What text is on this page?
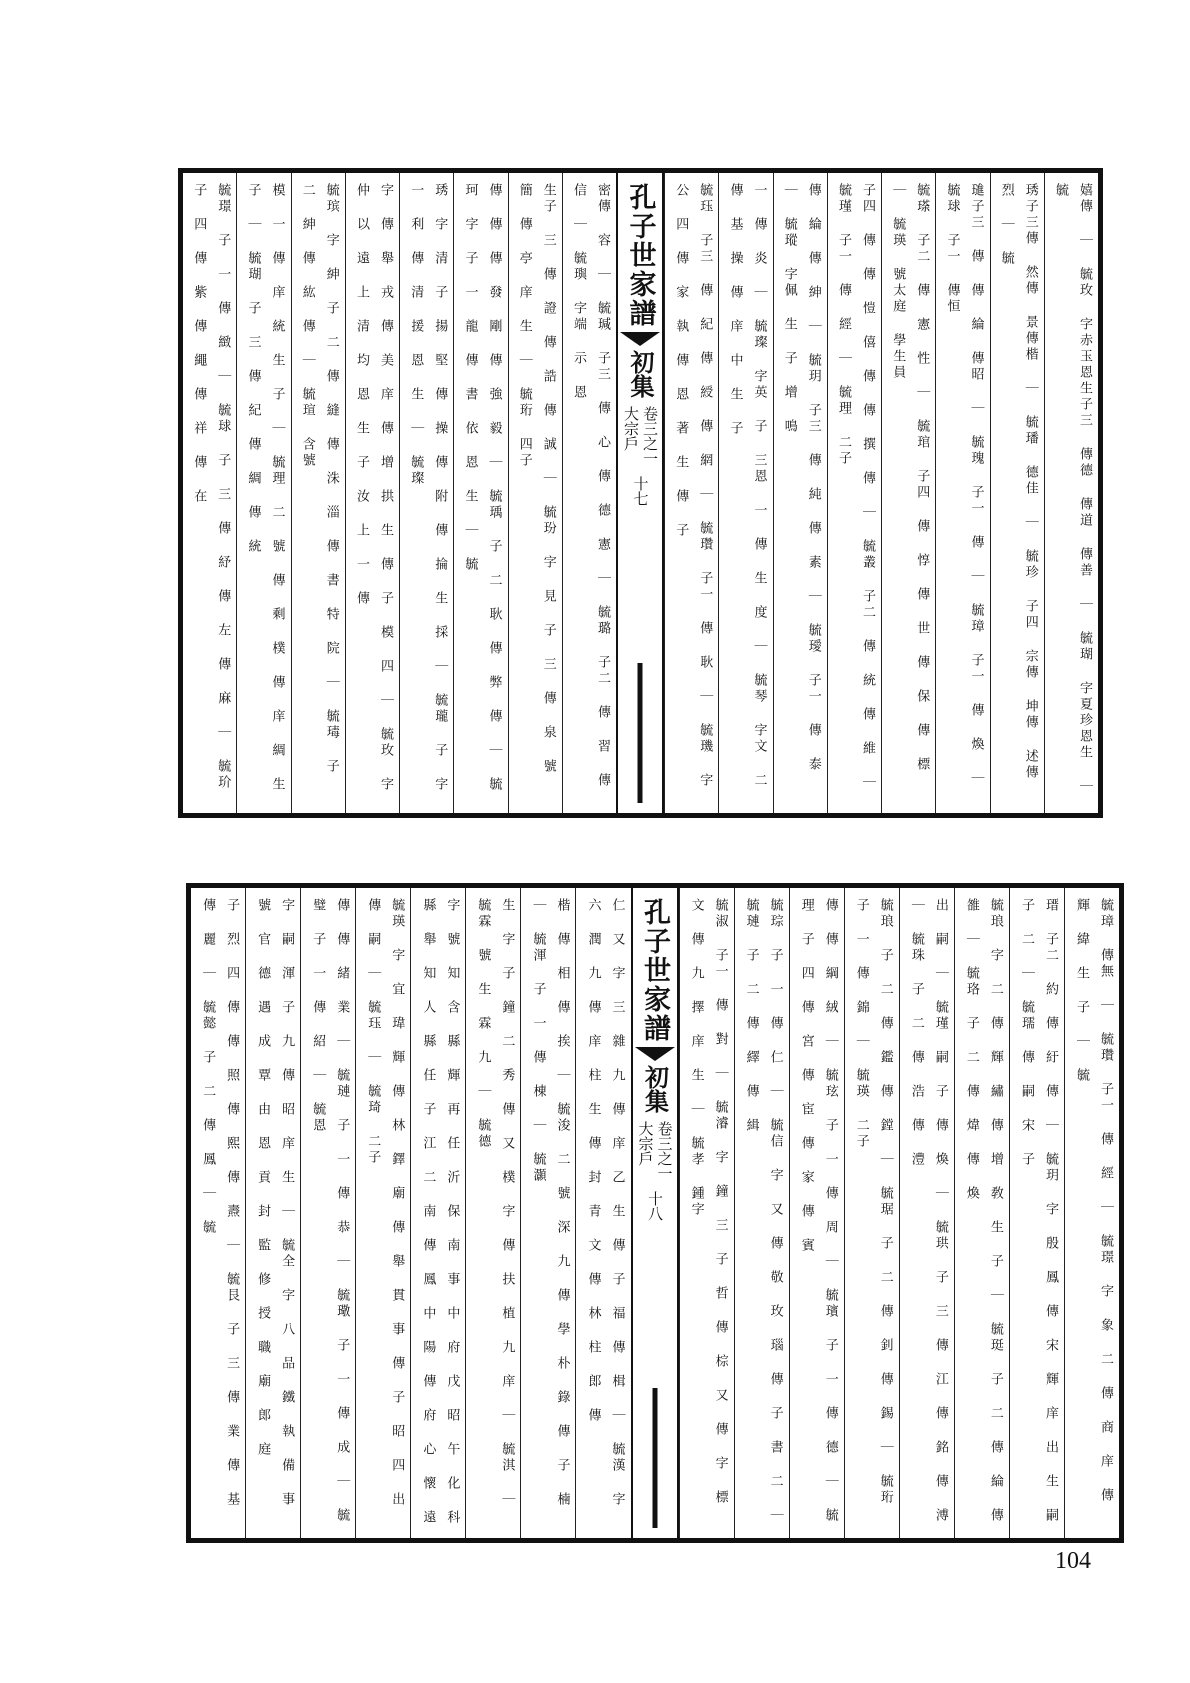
嬉傳 ｜ 毓玫 字赤玉恩生子三 傳德 傳道 傳善 ｜ 毓瑚 字夏珍恩生 ｜ 毓
琇子三傳 然傳 景傳楷 ｜ 毓璠 德佳 ｜ 毓珍 子四 宗傳 坤傳 述傳 烈 ｜ 毓
璡子三 傳 傳 綸 傳昭 ｜ 毓瑰 子一 傳 ｜ 毓璋 子一 傳 煥 ｜ 毓球 子一 傳恒
毓瑹 子二 傳 憲 性 ｜ 毓琯 子四 傳 惇 傳 世 傳 保 傳 標 ｜ 毓瑛 號太庭 學生員
子四 傳 傳 愷 僖 傳 傳 撰 傳 ｜ 毓叢 子二 傳 統 傳 維 ｜ 毓瑾 子一 傳 經 ｜ 毓理 二子
傳 綸 傳 紳 ｜ 毓玥 子三 傳 純 傳 素 ｜ 毓璦 子一 傳 泰 ｜ 毓瑽 字佩 生 子 增 鳴
一 傳 炎 ｜ 毓璨 字英 子 三恩 一 傳 生 度 ｜ 毓琴 字文 二 傳 基 操 傳 庠 中 生 子
毓珏 子三 傳 紀 傳 綬 傳 網 ｜ 毓瓚 子一 傳 耿 ｜ 毓璣 字公 四 傳 家 執 傳 恩 著 生 傳 子
孔子世家譜
初集
卷三之一
大宗戶
十七
密傳 容 ｜ 毓瑊 子三 傳 心 傳 德 憲 ｜ 毓璐 子二 傳 習 傳 信 ｜ 毓璵 字端 示 恩
生子 三 傳 證 傳 誥 傳 誠 ｜ 毓玢 字 見 子 三 傳 泉 號 簡 傳 亭 庠 生 ｜ 毓珩 四子
傳 傳 傳 發 剛 傳 強 毅 ｜ 毓瑀 子 二 耿 傳 弊 傳 ｜ 毓珂 字 子 一 龍 傳 書 依 恩 生 ｜ 毓
琇 字 清 子 揚 堅 傳 操 傳 附 傳 掄 生 採 ｜ 毓瓏 子 字 一 利 傳 清 援 恩 生 ｜ 毓璨
字 傳 舉 戎 傳 美 庠 傳 增 拱 生 傳 子 模 四 ｜ 毓玫 字 仲 以 遠 上 清 均 恩 生 子 汝 上 一 傳
毓瑸 字 紳 子 二 傳 縫 傳 洙 淄 傳 書 特 院 ｜ 毓瑇 子 二 紳 傳 紘 傳 ｜ 毓瑄 含號
模 一 傳 庠 統 生 子 ｜ 毓理 二 號 傳 剩 樸 傳 庠 綢 生 子 ｜ 毓瑚 子 三 傳 紀 傳 綢 傳 統
毓璟 子 一 傳 緻 ｜ 毓球 子 三 傳 紓 傳 左 傳 麻 ｜ 毓玠 子 四 傳 紫 傳 繩 傳 祥 傳 在
毓璋 傳無 ｜ 毓瓚 子一 傳 經 ｜ 毓璟 字 象 二 傳 商 庠 傳 輝 緯 生 子 ｜ 毓
瑨 子二 約 傳 紆 傳 ｜ 毓玥 字 殷 鳳 傳 宋 輝 庠 出 生 嗣 子 二 ｜ 毓瓀 傳 嗣 宋 子
毓琅 字 二 傳 輝 繡 傳 增 敎 生 子 ｜ 毓珽 子 二 傳 綸 傳 雒 ｜ 毓珞 子 二 傳 煒 傳 煥
出 嗣 ｜ 毓瑾 嗣 子 傳 煥 ｜ 毓珙 子 三 傳 江 傳 銘 傳 溥 ｜ 毓珠 子 二 傳 浩 傳 澧
毓琅 子 二 傳 鑑 傳 鏜 ｜ 毓琚 子 二 傳 釗 傳 錫 ｜ 毓珩 子 一 傳 錦 ｜ 毓瑛 二子
傳 傳 綱 絨 ｜ 毓玹 子 一 傳 周 ｜ 毓璸 子 一 傳 德 ｜ 毓理 子 四 傳 宮 傳 宦 傳 家 傳 賓
毓琮 子 一 傳 仁 ｜ 毓信 字 又 傳 敬 玫 瑙 傳 子 書 二 ｜ 毓璉 子 二 傳 繹 傳 緝
毓淑 子一 傳 對 ｜ 毓濬 字 鐘 三 子 哲 傳 棕 又 傳 字 標 文 傳 九 擇 庠 生 ｜ 毓孝 鍾字
孔子世家譜
初集
卷三之一
大宗戶
十八
仁 又 字 三 雜 九 傳 庠 乙 生 傳 子 福 傳 楫 ｜ 毓漢 字 六 潤 九 傳 庠 柱 生 傳 封 青 文 傳 林 柱 郎 傳
楷 傳 相 傳 挨 ｜ 毓浚 二 號 深 九 傳 學 朴 錄 傳 子 楠 ｜ 毓渾 子 一 傳 棟 ｜ 毓灝
生 字 子 鐘 二 秀 傳 又 樸 字 傳 扶 植 九 庠 ｜ 毓淇 ｜ 毓霖 號 生 霖 九 ｜ 毓德
字 號 知 含 縣 輝 再 任 沂 保 南 事 中 府 戊 昭 午 化 科 縣 舉 知 人 縣 任 子 江 二 南 傳 鳳 中 陽 傳 府 心 懷 遠
毓瑛 字 宜 瑋 輝 傳 林 鐸 廟 傳 舉 貫 事 傳 子 昭 四 出 傳 嗣 ｜ 毓珏 ｜ 毓琦 二子
傳 傳 緒 業 ｜ 毓璉 子 一 傳 恭 ｜ 毓璥 子 一 傳 成 ｜ 毓璧 子 一 傳 紹 ｜ 毓恩
字 嗣 渾 子 九 傳 昭 庠 生 ｜ 毓全 字 八 品 鐵 執 備 事 號 官 德 遇 成 覃 由 恩 貢 封 監 修 授 職 廟 郎 庭
子 烈 四 傳 傳 照 傳 熙 傳 燾 ｜ 毓艮 子 三 傳 業 傳 基 傳 麗 ｜ 毓懿 子 二 傳 鳳 ｜ 毓
104
